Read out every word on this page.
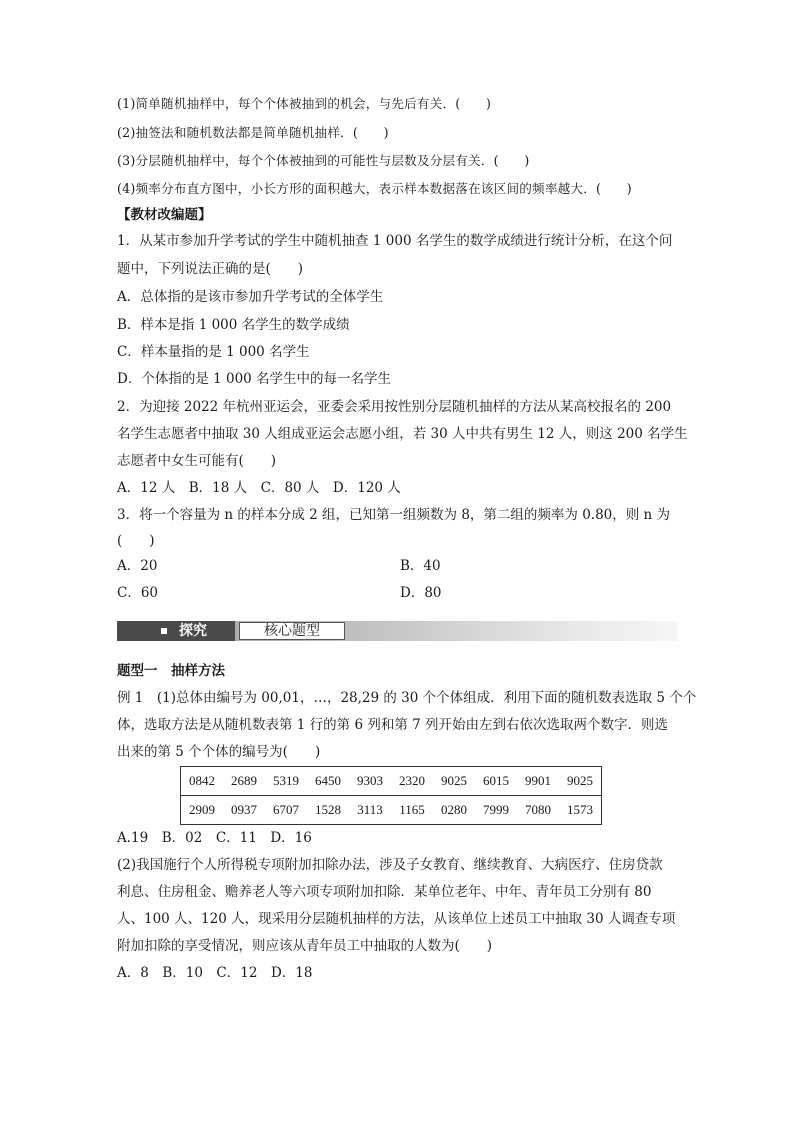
(1)简单随机抽样中，每个个体被抽到的机会，与先后有关．(　　)
(2)抽签法和随机数法都是简单随机抽样．(　　)
(3)分层随机抽样中，每个个体被抽到的可能性与层数及分层有关．(　　)
(4)频率分布直方图中，小长方形的面积越大，表示样本数据落在该区间的频率越大．(　　)
【教材改编题】
1．从某市参加升学考试的学生中随机抽查 1 000 名学生的数学成绩进行统计分析，在这个问
题中，下列说法正确的是(　　)
A．总体指的是该市参加升学考试的全体学生
B．样本是指 1 000 名学生的数学成绩
C．样本量指的是 1 000 名学生
D．个体指的是 1 000 名学生中的每一名学生
2．为迎接 2022 年杭州亚运会，亚委会采用按性别分层随机抽样的方法从某高校报名的 200
名学生志愿者中抽取 30 人组成亚运会志愿小组，若 30 人中共有男生 12 人，则这 200 名学生
志愿者中女生可能有(　　)
A．12 人　B．18 人　C．80 人　D．120 人
3．将一个容量为 n 的样本分成 2 组，已知第一组频数为 8，第二组的频率为 0.80，则 n 为
(　　)
A．20	B．40
C．60	D．80
探究	核心题型
题型一　抽样方法
例 1　(1)总体由编号为 00,01，…，28,29 的 30 个个体组成．利用下面的随机数表选取 5 个个
体，选取方法是从随机数表第 1 行的第 6 列和第 7 列开始由左到右依次选取两个数字．则选
出来的第 5 个个体的编号为(　　)
0842	2689	5319	6450	9303	2320	9025	6015	9901	9025
2909	0937	6707	1528	3113	1165	0280	7999	7080	1573
A.19　B．02　C．11　D．16
(2)我国施行个人所得税专项附加扣除办法，涉及子女教育、继续教育、大病医疗、住房贷款
利息、住房租金、赡养老人等六项专项附加扣除．某单位老年、中年、青年员工分别有 80
人、100 人、120 人，现采用分层随机抽样的方法，从该单位上述员工中抽取 30 人调查专项
附加扣除的享受情况，则应该从青年员工中抽取的人数为(　　)
A．8　B．10　C．12　D．18
